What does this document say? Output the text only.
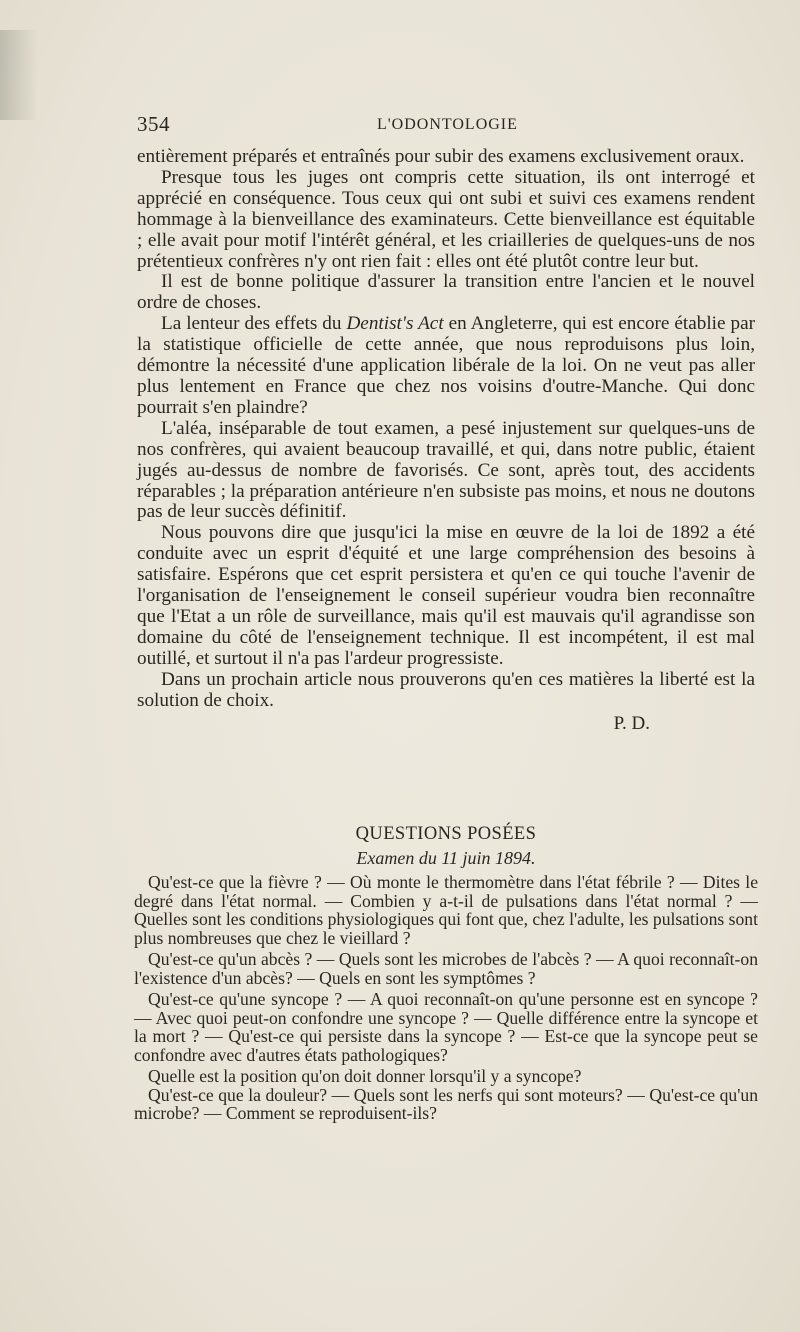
354	L'ODONTOLOGIE

entièrement préparés et entraînés pour subir des examens exclusivement oraux.

Presque tous les juges ont compris cette situation, ils ont interrogé et apprécié en conséquence. Tous ceux qui ont subi et suivi ces examens rendent hommage à la bienveillance des examinateurs. Cette bienveillance est équitable ; elle avait pour motif l'intérêt général, et les criailleries de quelques-uns de nos prétentieux confrères n'y ont rien fait : elles ont été plutôt contre leur but.

Il est de bonne politique d'assurer la transition entre l'ancien et le nouvel ordre de choses.

La lenteur des effets du Dentist's Act en Angleterre, qui est encore établie par la statistique officielle de cette année, que nous reproduisons plus loin, démontre la nécessité d'une application libérale de la loi. On ne veut pas aller plus lentement en France que chez nos voisins d'outre-Manche. Qui donc pourrait s'en plaindre?

L'aléa, inséparable de tout examen, a pesé injustement sur quelques-uns de nos confrères, qui avaient beaucoup travaillé, et qui, dans notre public, étaient jugés au-dessus de nombre de favorisés. Ce sont, après tout, des accidents réparables ; la préparation antérieure n'en subsiste pas moins, et nous ne doutons pas de leur succès définitif.

Nous pouvons dire que jusqu'ici la mise en œuvre de la loi de 1892 a été conduite avec un esprit d'équité et une large compréhension des besoins à satisfaire. Espérons que cet esprit persistera et qu'en ce qui touche l'avenir de l'organisation de l'enseignement le conseil supérieur voudra bien reconnaître que l'Etat a un rôle de surveillance, mais qu'il est mauvais qu'il agrandisse son domaine du côté de l'enseignement technique. Il est incompétent, il est mal outillé, et surtout il n'a pas l'ardeur progressiste.

Dans un prochain article nous prouverons qu'en ces matières la liberté est la solution de choix.

P. D.
QUESTIONS POSÉES
Examen du 11 juin 1894.

Qu'est-ce que la fièvre ? — Où monte le thermomètre dans l'état fébrile ? — Dites le degré dans l'état normal. — Combien y a-t-il de pulsations dans l'état normal ? — Quelles sont les conditions physiologiques qui font que, chez l'adulte, les pulsations sont plus nombreuses que chez le vieillard ?

Qu'est-ce qu'un abcès ? — Quels sont les microbes de l'abcès ? — A quoi reconnaît-on l'existence d'un abcès? — Quels en sont les symptômes ?

Qu'est-ce qu'une syncope ? — A quoi reconnaît-on qu'une personne est en syncope ? — Avec quoi peut-on confondre une syncope ? — Quelle différence entre la syncope et la mort ? — Qu'est-ce qui persiste dans la syncope ? — Est-ce que la syncope peut se confondre avec d'autres états pathologiques?

Quelle est la position qu'on doit donner lorsqu'il y a syncope?

Qu'est-ce que la douleur? — Quels sont les nerfs qui sont moteurs? — Qu'est-ce qu'un microbe? — Comment se reproduisent-ils?
